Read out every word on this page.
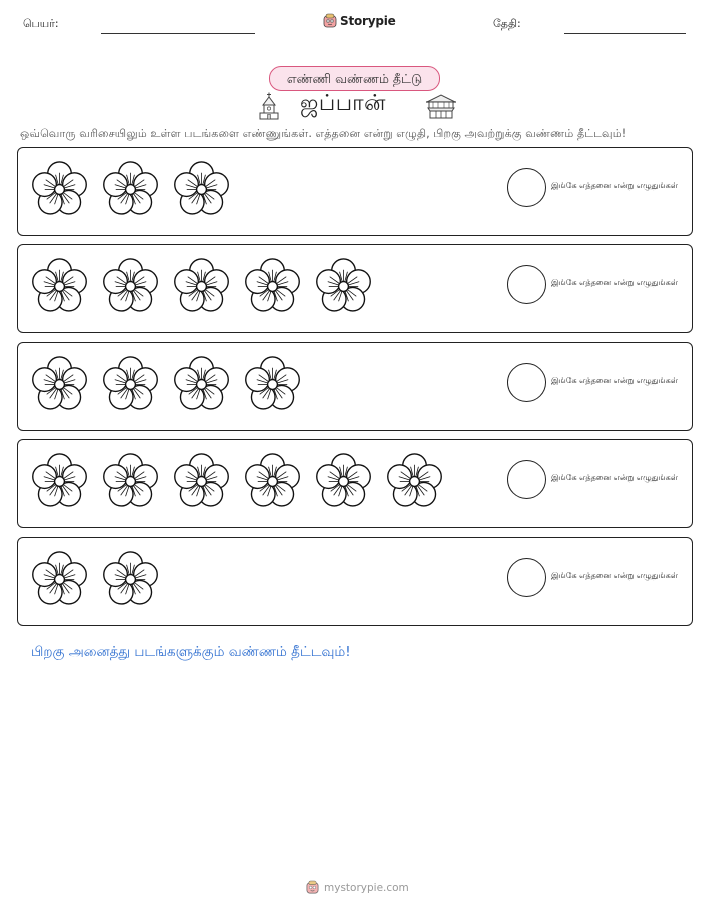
பெயர்:	Storypie	தேதி:
எண்ணி வண்ணம் தீட்டு
ஜப்பான்
ஒவ்வொரு வரிசையிலும் உள்ள படங்களை எண்ணுங்கள். எத்தனை என்று எழுதி, பிறகு அவற்றுக்கு வண்ணம் தீட்டவும்!
இங்கே எத்தனை என்று எழுதுங்கள்
இங்கே எத்தனை என்று எழுதுங்கள்
இங்கே எத்தனை என்று எழுதுங்கள்
இங்கே எத்தனை என்று எழுதுங்கள்
இங்கே எத்தனை என்று எழுதுங்கள்
பிறகு அனைத்து படங்களுக்கும் வண்ணம் தீட்டவும்!
mystorypie.com
